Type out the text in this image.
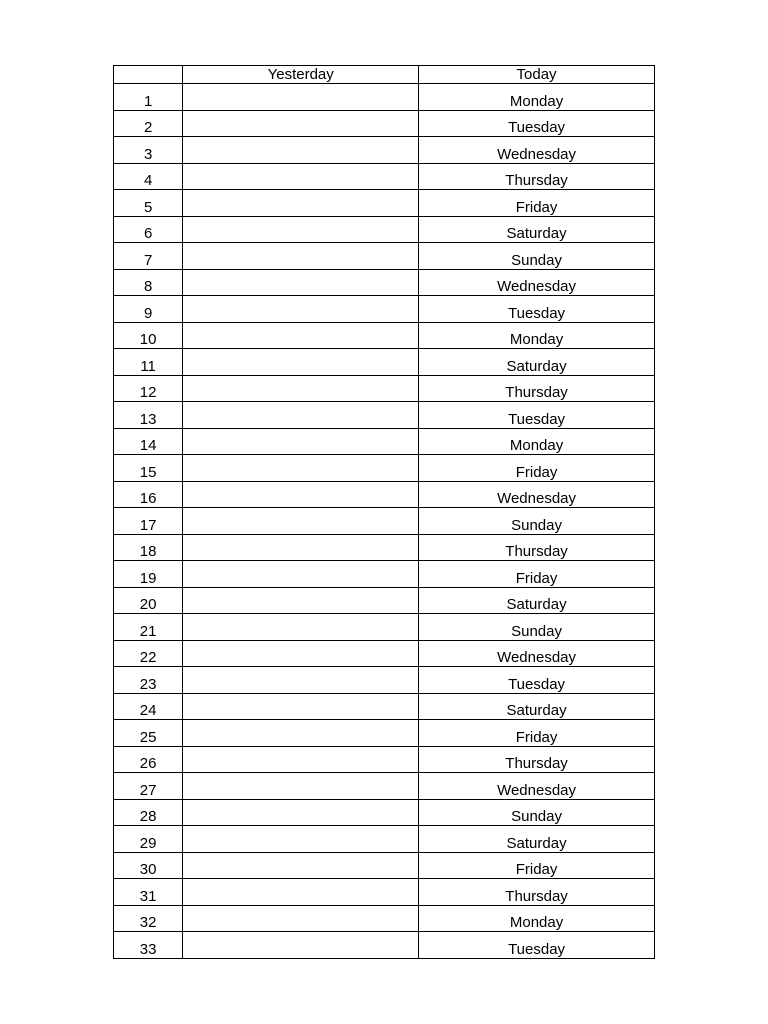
	Yesterday	Today
1		Monday
2		Tuesday
3		Wednesday
4		Thursday
5		Friday
6		Saturday
7		Sunday
8		Wednesday
9		Tuesday
10		Monday
11		Saturday
12		Thursday
13		Tuesday
14		Monday
15		Friday
16		Wednesday
17		Sunday
18		Thursday
19		Friday
20		Saturday
21		Sunday
22		Wednesday
23		Tuesday
24		Saturday
25		Friday
26		Thursday
27		Wednesday
28		Sunday
29		Saturday
30		Friday
31		Thursday
32		Monday
33		Tuesday
